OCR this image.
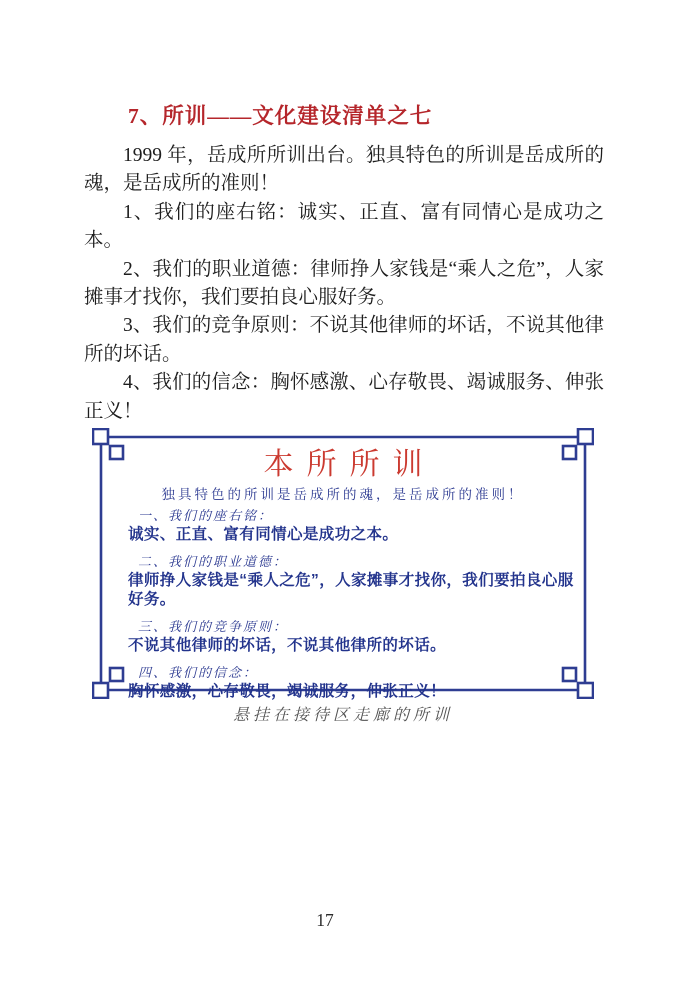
7、所训——文化建设清单之七

1999 年，岳成所所训出台。独具特色的所训是岳成所的魂，是岳成所的准则！

1、我们的座右铭：诚实、正直、富有同情心是成功之本。

2、我们的职业道德：律师挣人家钱是“乘人之危”，人家摊事才找你，我们要拍良心服好务。

3、我们的竞争原则：不说其他律师的坏话，不说其他律所的坏话。

4、我们的信念：胸怀感激、心存敬畏、竭诚服务、伸张正义！

本所所训
独具特色的所训是岳成所的魂，是岳成所的准则！
一、我们的座右铭：
诚实、正直、富有同情心是成功之本。
二、我们的职业道德：
律师挣人家钱是“乘人之危”，人家摊事才找你，我们要拍良心服好务。
三、我们的竞争原则：
不说其他律师的坏话，不说其他律所的坏话。
四、我们的信念：
胸怀感激，心存敬畏，竭诚服务，伸张正义！
悬挂在接待区走廊的所训
17
